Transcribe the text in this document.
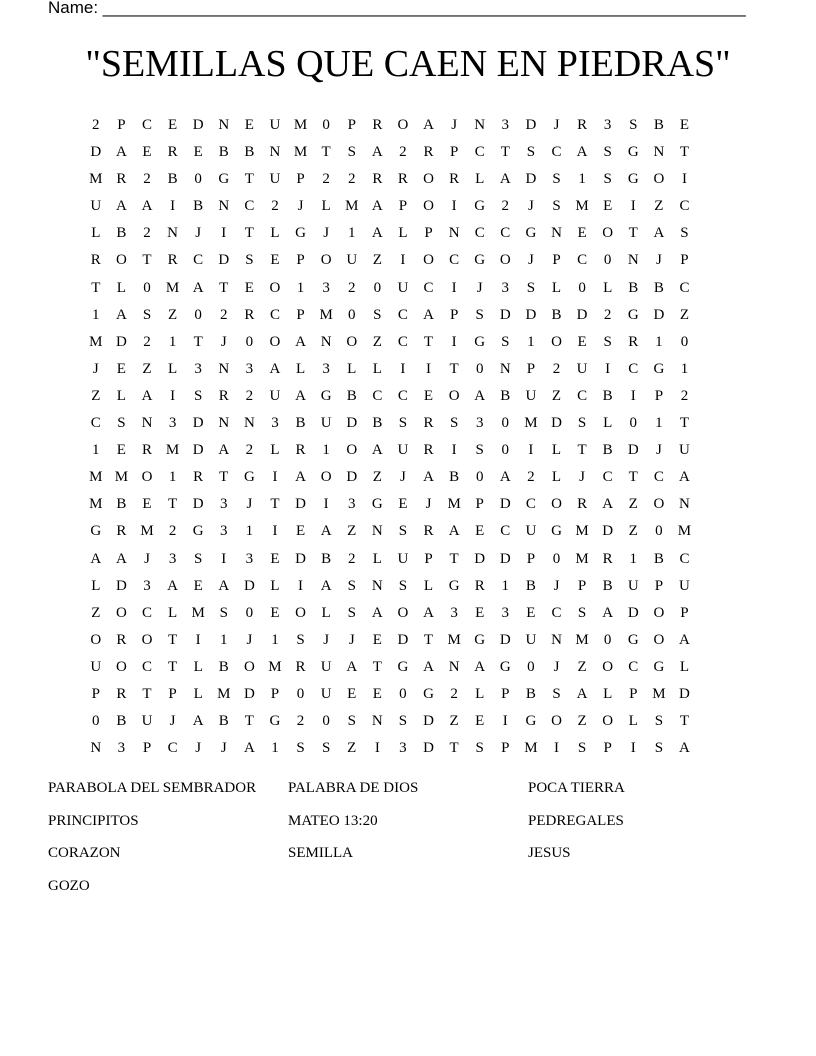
Name: ____________________________________________________________________
"SEMILLAS QUE CAEN EN PIEDRAS"
2	P	C	E	D N	E	U M	0	P	R	O A	J	N	3	D	J	R	3	S	B	E
D A	E	R	E	B	B	N M T	S	A	2	R	P	C	T	S	C	A	S	G N	T
M R	2	B	0	G	T	U	P	2	2	R	R	O	R	L	A D	S	1	S	G O	I
U A A	I	B	N	C	2	J	L M A	P	O	I	G	2	J	S M E	I	Z	C
L	B	2	N	J	I	T	L	G	J	1	A	L	P	N	C	C	G N	E	O	T	A	S
R	O	T	R	C	D	S	E	P	O U	Z	I	O	C	G O	J	P	C	0	N	J	P
T	L	0	M A	T	E	O	1	3	2	0	U	C	I	J	3	S	L	0	L	B	B	C
1	A	S	Z	0	2	R	C	P M	0	S	C	A	P	S	D D	B	D	2	G D	Z
M D	2	1	T	J	0	O A N O	Z	C	T	I	G	S	1	O	E	S	R	1	0
J	E	Z	L	3	N	3	A	L	3	L	L	I	I	T	0	N	P	2	U	I	C	G	1
Z	L	A	I	S	R	2	U A G	B	C	C	E	O A	B	U	Z	C	B	I	P	2
C	S	N	3	D N N	3	B	U D	B	S	R	S	3	0	M D	S	L	0	1	T
1	E	R M D A	2	L	R	1	O A U	R	I	S	0	I	L	T	B	D	J	U
M M O	1	R	T	G	I	A O D	Z	J	A	B	0	A	2	L	J	C	T	C	A
M B	E	T	D	3	J	T	D	I	3	G	E	J	M P	D	C	O	R	A	Z	O N
G	R M	2	G	3	1	I	E	A	Z	N	S	R	A	E	C	U G M D	Z	0	M
A A	J	3	S	I	3	E	D	B	2	L	U	P	T	D D	P	0	M R	1	B	C
L	D	3	A	E	A D	L	I	A	S	N	S	L	G	R	1	B	J	P	B	U	P	U
Z	O	C	L M S	0	E	O	L	S	A O A	3	E	3	E	C	S	A D O	P
O	R	O	T	I	1	J	1	S	J	J	E	D	T M G D U N M	0	G O A
U O	C	T	L	B	O M R	U A	T	G A N A G	0	J	Z	O	C	G	L
P	R	T	P	L M D	P	0	U	E	E	0	G	2	L	P	B	S	A	L	P M D
0	B	U	J	A	B	T	G	2	0	S	N	S	D	Z	E	I	G O	Z	O	L	S	T
N	3	P	C	J	J	A	1	S	S	Z	I	3	D	T	S	P M	I	S	P	I	S	A
PARABOLA DEL SEMBRADOR	PALABRA DE DIOS	POCA TIERRA
PRINCIPITOS	MATEO 13:20	PEDREGALES
CORAZON	SEMILLA	JESUS
GOZO
